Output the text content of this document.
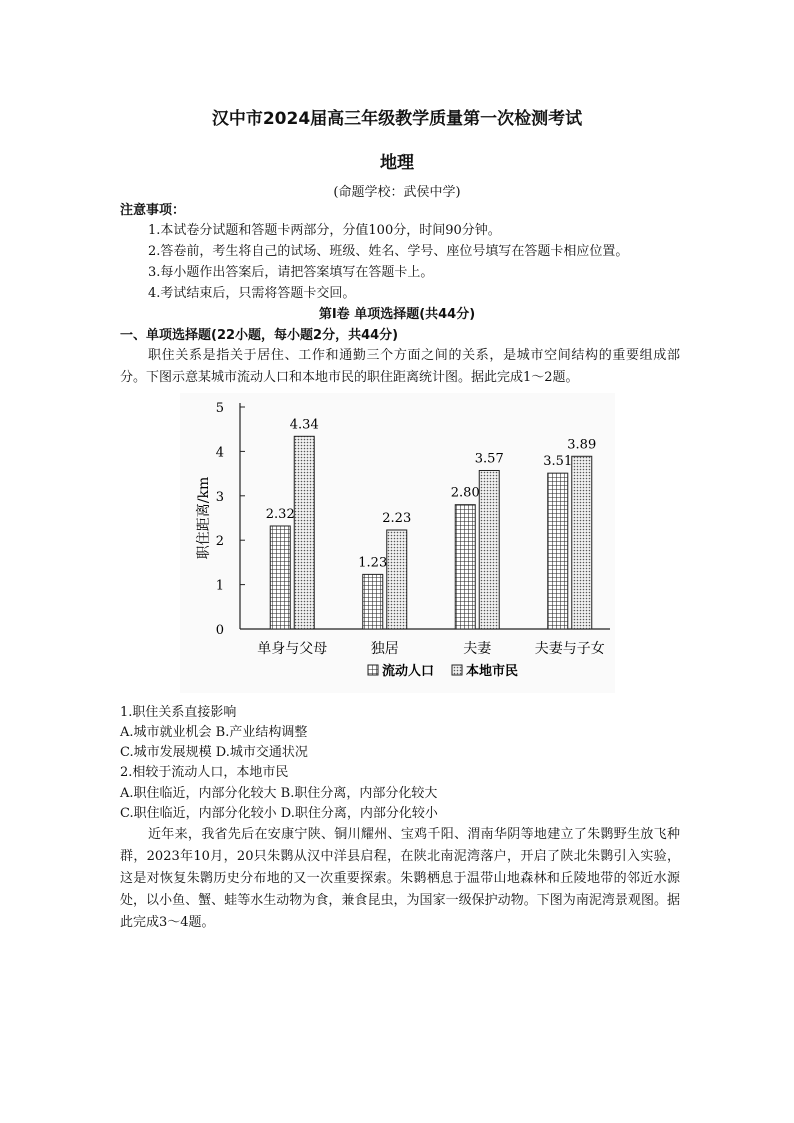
汉中市2024届高三年级教学质量第一次检测考试
地理
(命题学校：武侯中学)
注意事项：
1.本试卷分试题和答题卡两部分，分值100分，时间90分钟。
2.答卷前，考生将自己的试场、班级、姓名、学号、座位号填写在答题卡相应位置。
3.每小题作出答案后，请把答案填写在答题卡上。
4.考试结束后，只需将答题卡交回。
第Ⅰ卷 单项选择题(共44分)
一、单项选择题(22小题，每小题2分，共44分)
职住关系是指关于居住、工作和通勤三个方面之间的关系，是城市空间结构的重要组成部分。下图示意某城市流动人口和本地市民的职住距离统计图。据此完成1～2题。
0
1
2
3
4
5
职住距离/km	2.32
4.34
单身与父母
1.23
2.23
独居
2.80
3.57
夫妻
3.51
3.89
夫妻与子女
流动人口 本地市民
1.职住关系直接影响
A.城市就业机会 B.产业结构调整
C.城市发展规模 D.城市交通状况
2.相较于流动人口，本地市民
A.职住临近，内部分化较大 B.职住分离，内部分化较大
C.职住临近，内部分化较小 D.职住分离，内部分化较小
近年来，我省先后在安康宁陕、铜川耀州、宝鸡千阳、渭南华阴等地建立了朱鹮野生放飞种群，2023年10月，20只朱鹮从汉中洋县启程，在陕北南泥湾落户，开启了陕北朱鹮引入实验，这是对恢复朱鹮历史分布地的又一次重要探索。朱鹮栖息于温带山地森林和丘陵地带的邻近水源处，以小鱼、蟹、蛙等水生动物为食，兼食昆虫，为国家一级保护动物。下图为南泥湾景观图。据此完成3～4题。
